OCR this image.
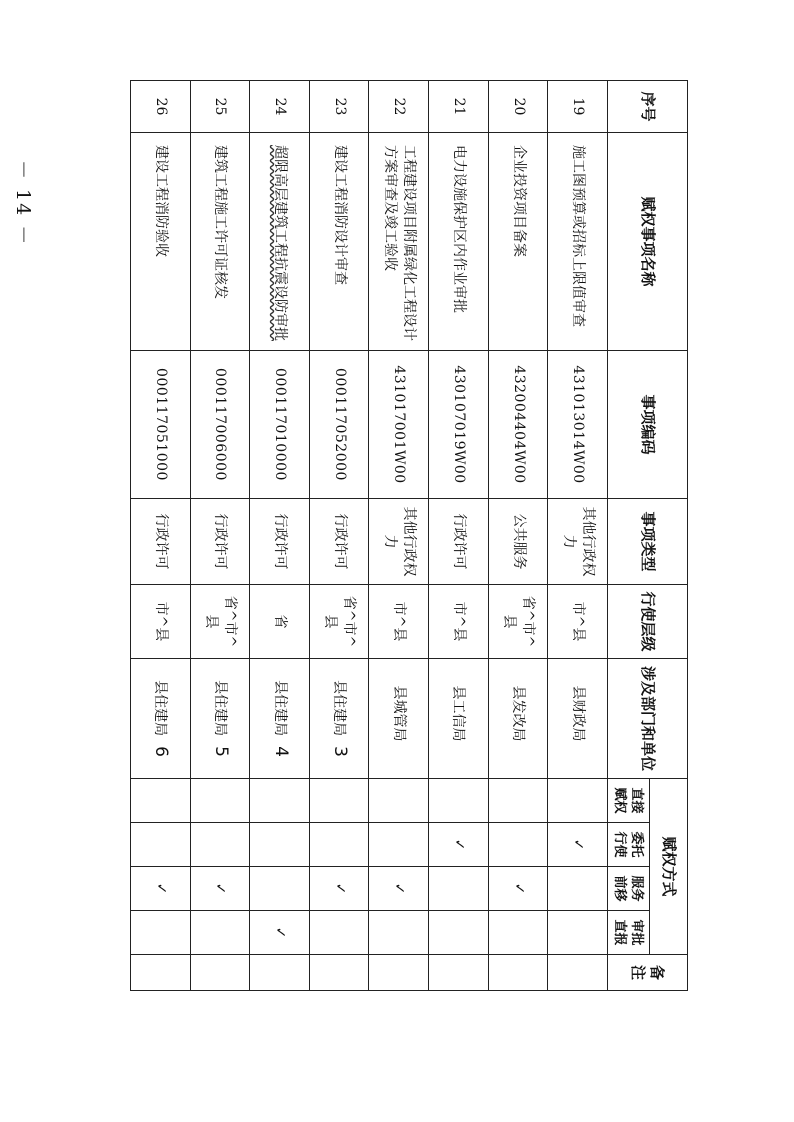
－ 14 －
序号	赋权事项名称	事项编码	事项类型	行使层级	涉及部门和单位	赋权方式				备注
						直接赋权	委托行使	服务前移	审批直报	
19	施工图预算或招标上限值审查	43101301​4W00	其他行政权力	市^县	县财政局		✓			
20	企业投资项目备案	43200440​4W00	公共服务	省^市^县	县发改局			✓		
21	电力设施保护区内作业审批	43010701​9W00	行政许可	市^县	县工信局		✓			
22	工程建设项目附属绿化工程设计方案审查及竣工验收	43101700​1W00	其他行政权力	市^县	县城管局			✓		
23	建设工程消防设计审查	00011705​2000	行政许可	省^市^县	县住建局3			✓		
24	超限高层建筑工程抗震设防审批	00011701​0000	行政许可	省	县住建局4				✓	
25	建筑工程施工许可证核发	00011700​6000	行政许可	省^市^县	县住建局5			✓		
26	建设工程消防验收	00011705​1000	行政许可	市^县	县住建局6			✓		
